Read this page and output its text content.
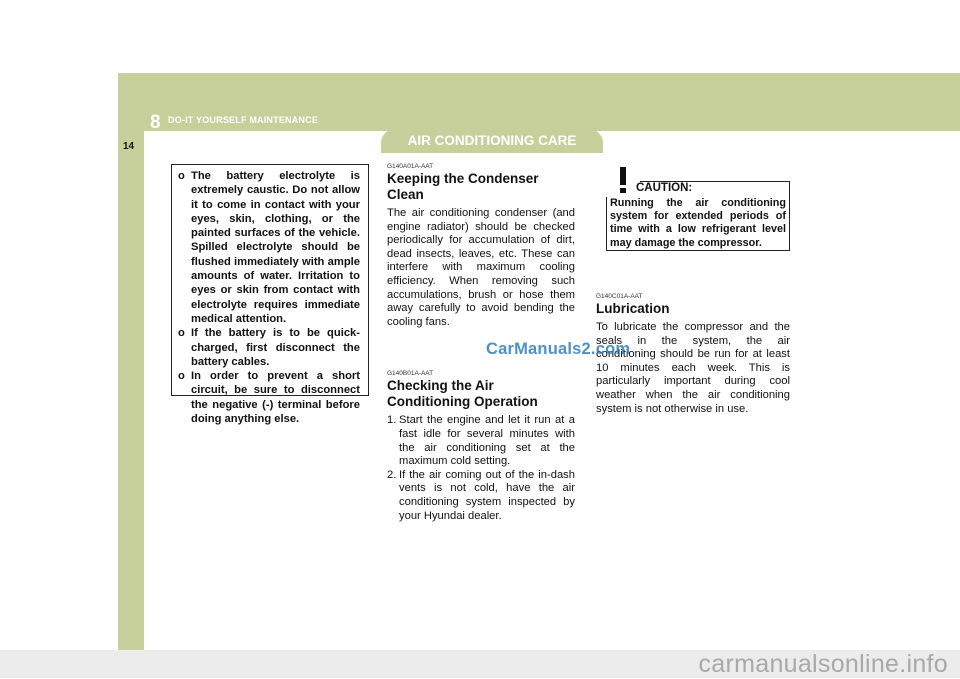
8 DO-IT YOURSELF MAINTENANCE
14	AIR CONDITIONING CARE

o The battery electrolyte is extremely caustic. Do not allow it to come in contact with your eyes, skin, clothing, or the painted surfaces of the vehicle. Spilled electrolyte should be flushed immediately with ample amounts of water. Irritation to eyes or skin from contact with electrolyte requires immediate medical attention.

o If the battery is to be quick-charged, first disconnect the battery cables.

o In order to prevent a short circuit, be sure to disconnect the negative (-) terminal before doing anything else.

G140A01A-AAT
Keeping the Condenser Clean
The air conditioning condenser (and engine radiator) should be checked periodically for accumulation of dirt, dead insects, leaves, etc. These can interfere with maximum cooling efficiency. When removing such accumulations, brush or hose them away carefully to avoid bending the cooling fans.
G140B01A-AAT
Checking the Air Conditioning Operation
1. Start the engine and let it run at a fast idle for several minutes with the air conditioning set at the maximum cold setting.
2. If the air coming out of the in-dash vents is not cold, have the air conditioning system inspected by your Hyundai dealer.
CAUTION:
Running the air conditioning system for extended periods of time with a low refrigerant level may damage the compressor.
G140C01A-AAT
Lubrication
To lubricate the compressor and the seals in the system, the air conditioning should be run for at least 10 minutes each week. This is particularly important during cool weather when the air conditioning system is not otherwise in use.
CarManuals2.com
carmanualsonline.info
